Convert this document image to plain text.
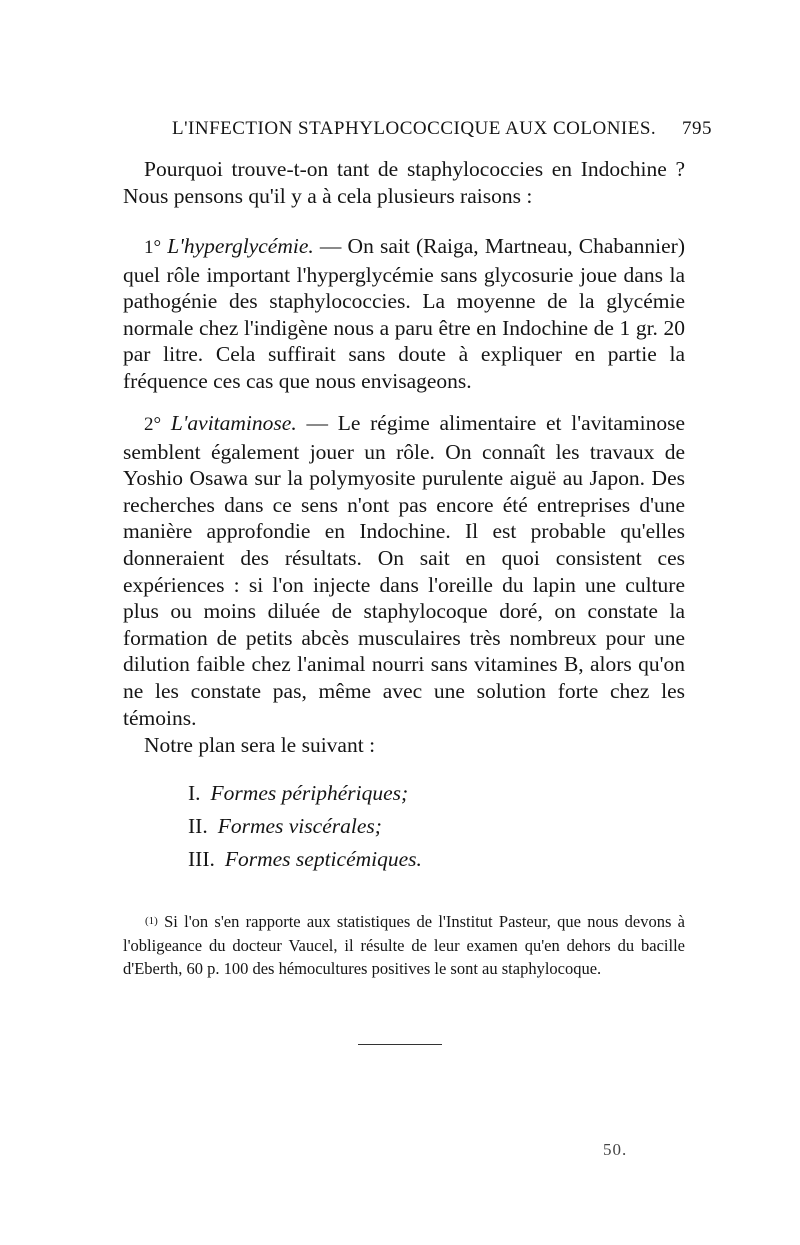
L'INFECTION STAPHYLOCOCCIQUE AUX COLONIES. 795

Pourquoi trouve-t-on tant de staphylococcies en Indochine ? Nous pensons qu'il y a à cela plusieurs raisons :

1° L'hyperglycémie. — On sait (Raiga, Martneau, Chabannier) quel rôle important l'hyperglycémie sans glycosurie joue dans la pathogénie des staphylococcies. La moyenne de la glycémie normale chez l'indigène nous a paru être en Indochine de 1 gr. 20 par litre. Cela suffirait sans doute à expliquer en partie la fréquence ces cas que nous envisageons.

2° L'avitaminose. — Le régime alimentaire et l'avitaminose semblent également jouer un rôle. On connaît les travaux de Yoshio Osawa sur la polymyosite purulente aiguë au Japon. Des recherches dans ce sens n'ont pas encore été entreprises d'une manière approfondie en Indochine. Il est probable qu'elles donneraient des résultats. On sait en quoi consistent ces expériences : si l'on injecte dans l'oreille du lapin une culture plus ou moins diluée de staphylocoque doré, on constate la formation de petits abcès musculaires très nombreux pour une dilution faible chez l'animal nourri sans vitamines B, alors qu'on ne les constate pas, même avec une solution forte chez les témoins.

Notre plan sera le suivant :

I. Formes périphériques;
II. Formes viscérales;
III. Formes septicémiques.
$^{(1)}$ Si l'on s'en rapporte aux statistiques de l'Institut Pasteur, que nous devons à l'obligeance du docteur Vaucel, il résulte de leur examen qu'en dehors du bacille d'Eberth, 60 p. 100 des hémocultures positives le sont au staphylocoque.
50.
